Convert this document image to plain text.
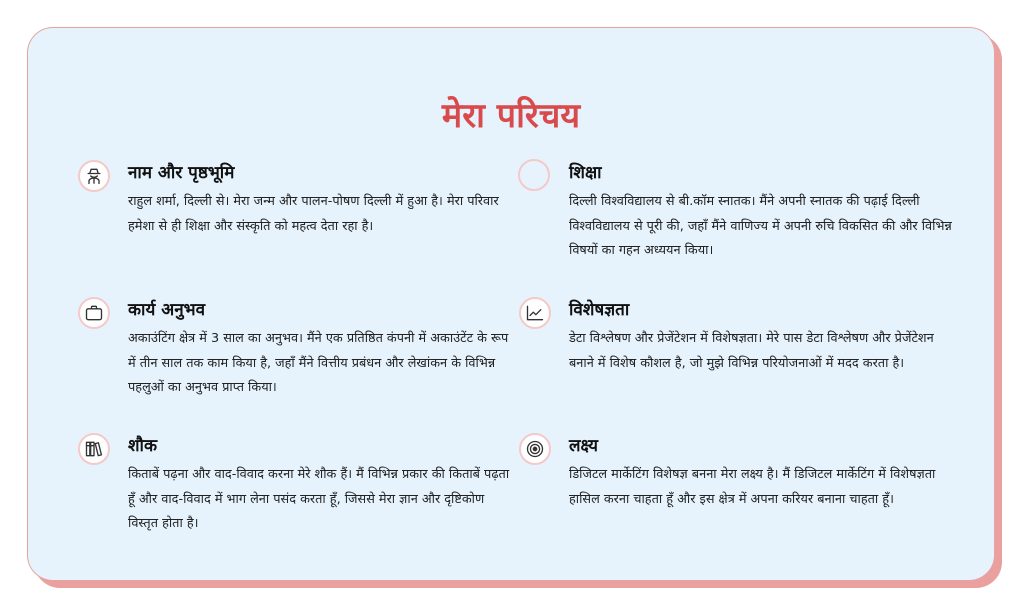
मेरा परिचय
नाम और पृष्ठभूमि

राहुल शर्मा, दिल्ली से। मेरा जन्म और पालन-पोषण दिल्ली में हुआ है। मेरा परिवार हमेशा से ही शिक्षा और संस्कृति को महत्व देता रहा है।

शिक्षा

दिल्ली विश्वविद्यालय से बी.कॉम स्नातक। मैंने अपनी स्नातक की पढ़ाई दिल्ली विश्वविद्यालय से पूरी की, जहाँ मैंने वाणिज्य में अपनी रुचि विकसित की और विभिन्न विषयों का गहन अध्ययन किया।

कार्य अनुभव

अकाउंटिंग क्षेत्र में 3 साल का अनुभव। मैंने एक प्रतिष्ठित कंपनी में अकाउंटेंट के रूप में तीन साल तक काम किया है, जहाँ मैंने वित्तीय प्रबंधन और लेखांकन के विभिन्न पहलुओं का अनुभव प्राप्त किया।

विशेषज्ञता

डेटा विश्लेषण और प्रेजेंटेशन में विशेषज्ञता। मेरे पास डेटा विश्लेषण और प्रेजेंटेशन बनाने में विशेष कौशल है, जो मुझे विभिन्न परियोजनाओं में मदद करता है।

शौक

किताबें पढ़ना और वाद-विवाद करना मेरे शौक हैं। मैं विभिन्न प्रकार की किताबें पढ़ता हूँ और वाद-विवाद में भाग लेना पसंद करता हूँ, जिससे मेरा ज्ञान और दृष्टिकोण विस्तृत होता है।

लक्ष्य

डिजिटल मार्केटिंग विशेषज्ञ बनना मेरा लक्ष्य है। मैं डिजिटल मार्केटिंग में विशेषज्ञता हासिल करना चाहता हूँ और इस क्षेत्र में अपना करियर बनाना चाहता हूँ।
